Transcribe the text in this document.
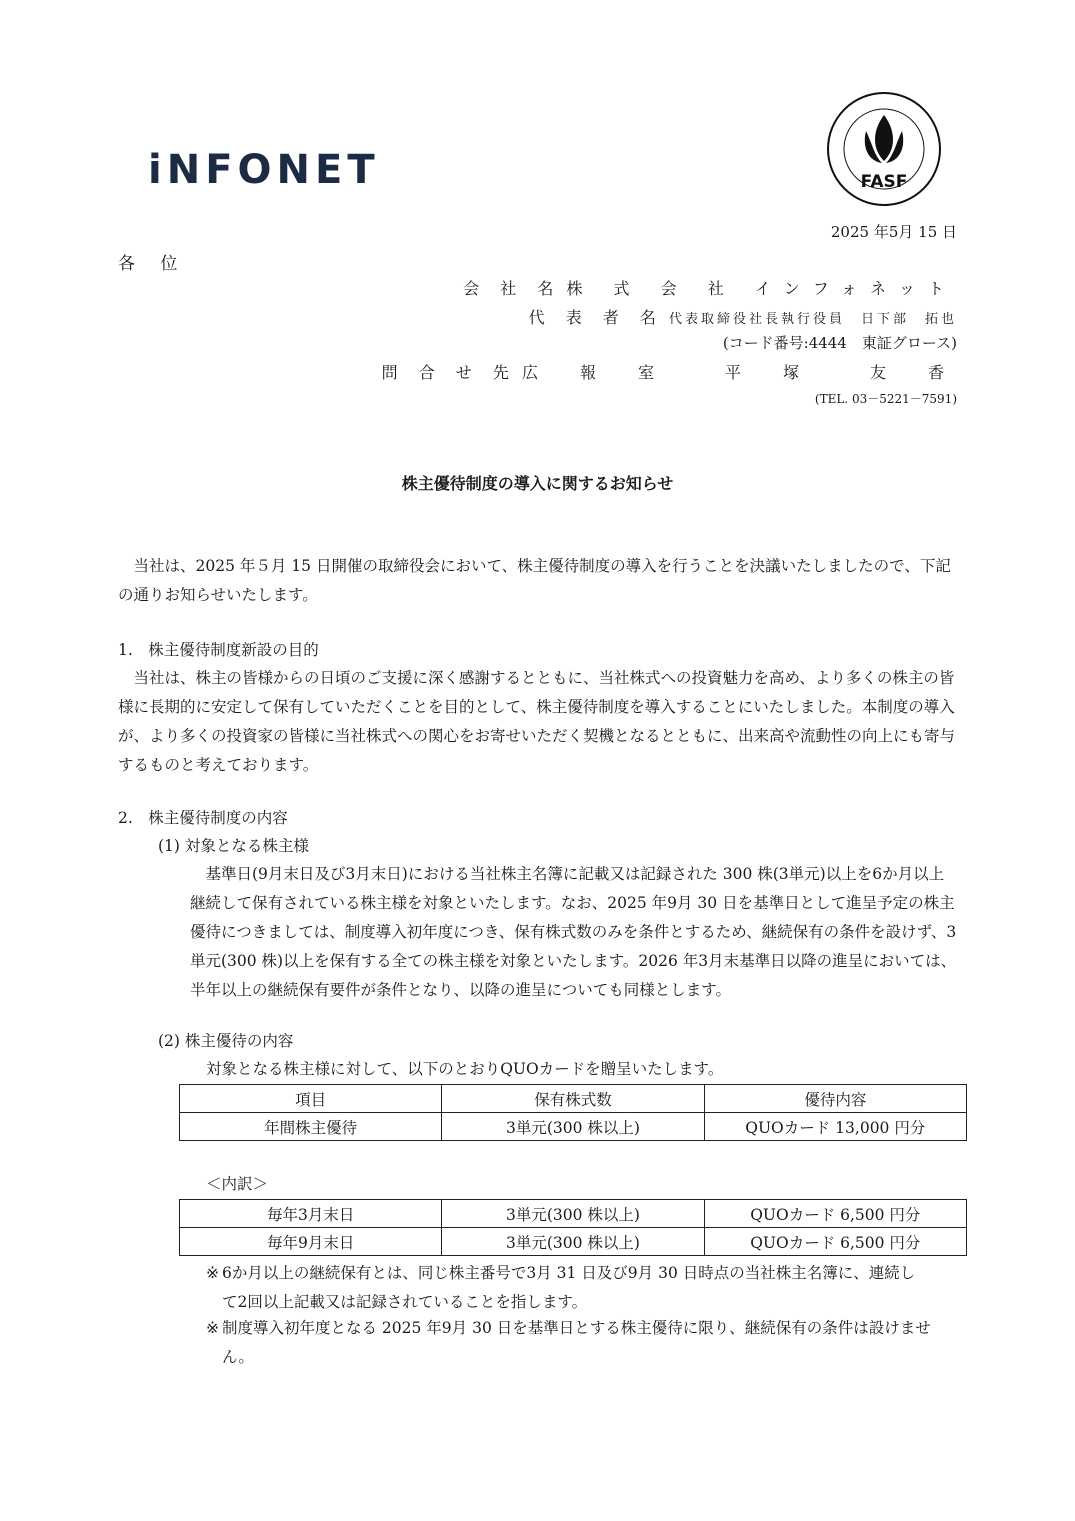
iNFONET	FASF
2025 年5月 15 日
各 位
会 社 名 株 式 会 社 インフォネット
代 表 者 名 代表取締役社長執行役員　日下部　拓也
(コード番号:4444　東証グロース)
問 合 せ 先 広　報　室　　平　塚　　友　香
(TEL. 03－5221－7591)
株主優待制度の導入に関するお知らせ
　当社は、2025 年５月 15 日開催の取締役会において、株主優待制度の導入を行うことを決議いたしましたので、下記の通りお知らせいたします。
1.　株主優待制度新設の目的
　当社は、株主の皆様からの日頃のご支援に深く感謝するとともに、当社株式への投資魅力を高め、より多くの株主の皆様に長期的に安定して保有していただくことを目的として、株主優待制度を導入することにいたしました。本制度の導入が、より多くの投資家の皆様に当社株式への関心をお寄せいただく契機となるとともに、出来高や流動性の向上にも寄与するものと考えております。
2.　株主優待制度の内容
(1) 対象となる株主様
　基準日(9月末日及び3月末日)における当社株主名簿に記載又は記録された 300 株(3単元)以上を6か月以上継続して保有されている株主様を対象といたします。なお、2025 年9月 30 日を基準日として進呈予定の株主優待につきましては、制度導入初年度につき、保有株式数のみを条件とするため、継続保有の条件を設けず、3単元(300 株)以上を保有する全ての株主様を対象といたします。2026 年3月末基準日以降の進呈においては、半年以上の継続保有要件が条件となり、以降の進呈についても同様とします。
(2) 株主優待の内容
対象となる株主様に対して、以下のとおりQUOカードを贈呈いたします。
項目	保有株式数	優待内容
年間株主優待	3単元(300 株以上)	QUOカード 13,000 円分
＜内訳＞
毎年3月末日	3単元(300 株以上)	QUOカード 6,500 円分
毎年9月末日	3単元(300 株以上)	QUOカード 6,500 円分
※ 6か月以上の継続保有とは、同じ株主番号で3月 31 日及び9月 30 日時点の当社株主名簿に、連続し
て2回以上記載又は記録されていることを指します。
※ 制度導入初年度となる 2025 年9月 30 日を基準日とする株主優待に限り、継続保有の条件は設けませ
ん。
